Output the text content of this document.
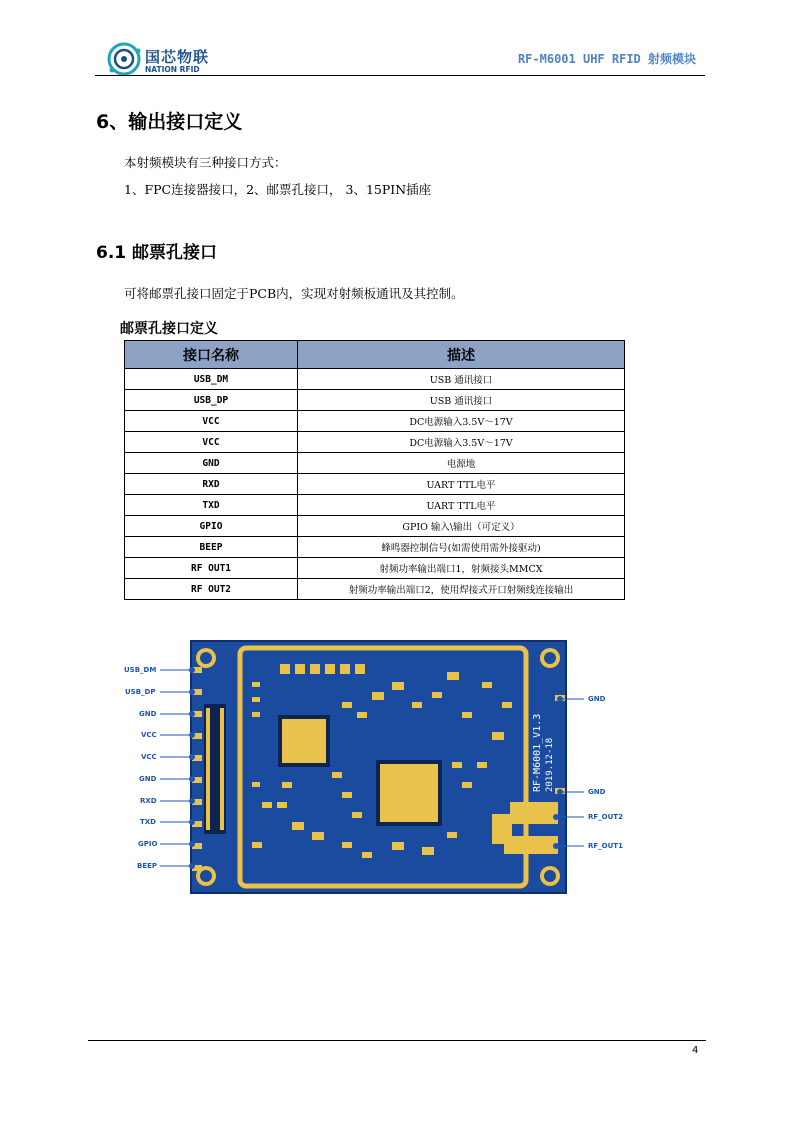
国芯物联
NATION RFID
RF-M6001 UHF RFID 射频模块
6、输出接口定义
本射频模块有三种接口方式：
1、FPC连接器接口，2、邮票孔接口， 3、15PIN插座
6.1 邮票孔接口
可将邮票孔接口固定于PCB内，实现对射频板通讯及其控制。
邮票孔接口定义
接口名称	描述
USB_DM	USB 通讯接口
USB_DP	USB 通讯接口
VCC	DC电源输入3.5V～17V
VCC	DC电源输入3.5V～17V
GND	电源地
RXD	UART TTL电平
TXD	UART TTL电平
GPIO	GPIO 输入\输出（可定义）
BEEP	蜂鸣器控制信号(如需使用需外接驱动)
RF OUT1	射频功率输出端口1，射频接头MMCX
RF OUT2	射频功率输出端口2，使用焊接式开口射频线连接输出
RF-M6001_V1.3 2019.12-18
USB_DM
USB_DP
GND
VCC
VCC
GND
RXD
TXD
GPIO
BEEP
GND
GND
RF_OUT2
RF_OUT1
4
